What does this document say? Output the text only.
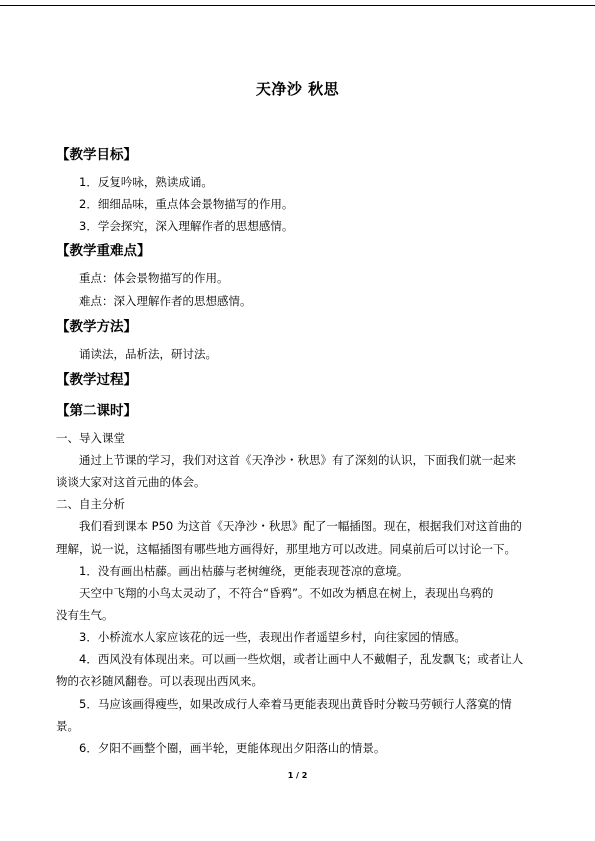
天净沙 秋思
【教学目标】
1．反复吟咏，熟读成诵。
2．细细品味，重点体会景物描写的作用。
3．学会探究，深入理解作者的思想感情。
【教学重难点】
重点：体会景物描写的作用。
难点：深入理解作者的思想感情。
【教学方法】
诵读法，品析法，研讨法。
【教学过程】
【第二课时】
一、导入课堂
通过上节课的学习，我们对这首《天净沙・秋思》有了深刻的认识，下面我们就一起来
谈谈大家对这首元曲的体会。
二、自主分析
我们看到课本 P50 为这首《天净沙・秋思》配了一幅插图。现在，根据我们对这首曲的
理解，说一说，这幅插图有哪些地方画得好，那里地方可以改进。同桌前后可以讨论一下。
1．没有画出枯藤。画出枯藤与老树缠绕，更能表现苍凉的意境。
天空中飞翔的小鸟太灵动了，不符合“昏鸦”。不如改为栖息在树上，表现出乌鸦的
没有生气。
3．小桥流水人家应该花的远一些，表现出作者遥望乡村，向往家园的情感。
4．西风没有体现出来。可以画一些炊烟，或者让画中人不戴帽子，乱发飘飞；或者让人
物的衣衫随风翻卷。可以表现出西风来。
5．马应该画得瘦些，如果改成行人牵着马更能表现出黄昏时分鞍马劳顿行人落寞的情
景。
6．夕阳不画整个圈，画半轮，更能体现出夕阳落山的情景。
1 / 2
